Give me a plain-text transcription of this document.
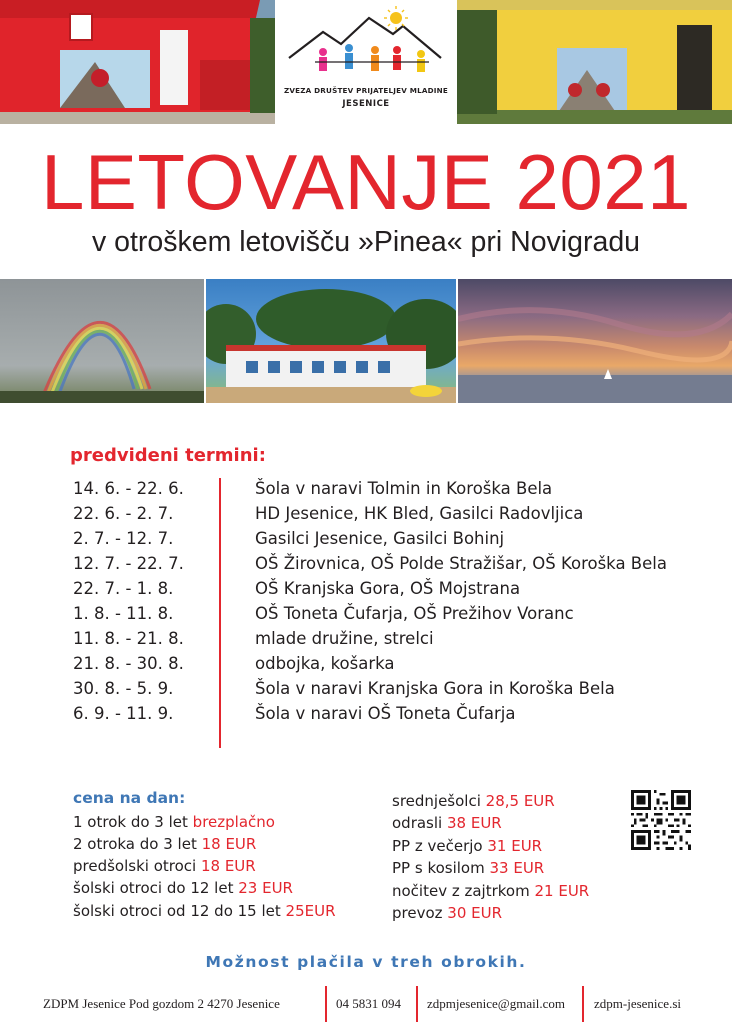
ZVEZA DRUŠTEV PRIJATELJEV MLADINE
JESENICE
LETOVANJE 2021
v otroškem letovišču »Pinea« pri Novigradu
predvideni termini:
14. 6. - 22. 6.	Šola v naravi Tolmin in Koroška Bela
22. 6. - 2. 7.	HD Jesenice, HK Bled, Gasilci Radovljica
2. 7. - 12. 7.	Gasilci Jesenice, Gasilci Bohinj
12. 7. - 22. 7.	OŠ Žirovnica, OŠ Polde Stražišar, OŠ Koroška Bela
22. 7. - 1. 8.	OŠ Kranjska Gora, OŠ Mojstrana
1. 8. - 11. 8.	OŠ Toneta Čufarja, OŠ Prežihov Voranc
11. 8. - 21. 8.	mlade družine, strelci
21. 8. - 30. 8.	odbojka, košarka
30. 8. - 5. 9.	Šola v naravi Kranjska Gora in Koroška Bela
6. 9. - 11. 9.	Šola v naravi OŠ Toneta Čufarja
cena na dan:
1 otrok do 3 let brezplačno
2 otroka do 3 let 18 EUR
predšolski otroci 18 EUR
šolski otroci do 12 let 23 EUR
šolski otroci od 12 do 15 let 25EUR
srednješolci 28,5 EUR
odrasli 38 EUR
PP z večerjo 31 EUR
PP s kosilom 33 EUR
nočitev z zajtrkom 21 EUR
prevoz 30 EUR
Možnost plačila v treh obrokih.
ZDPM Jesenice Pod gozdom 2 4270 Jesenice	04 5831 094 zdpmjesenice@gmail.com zdpm-jesenice.si
